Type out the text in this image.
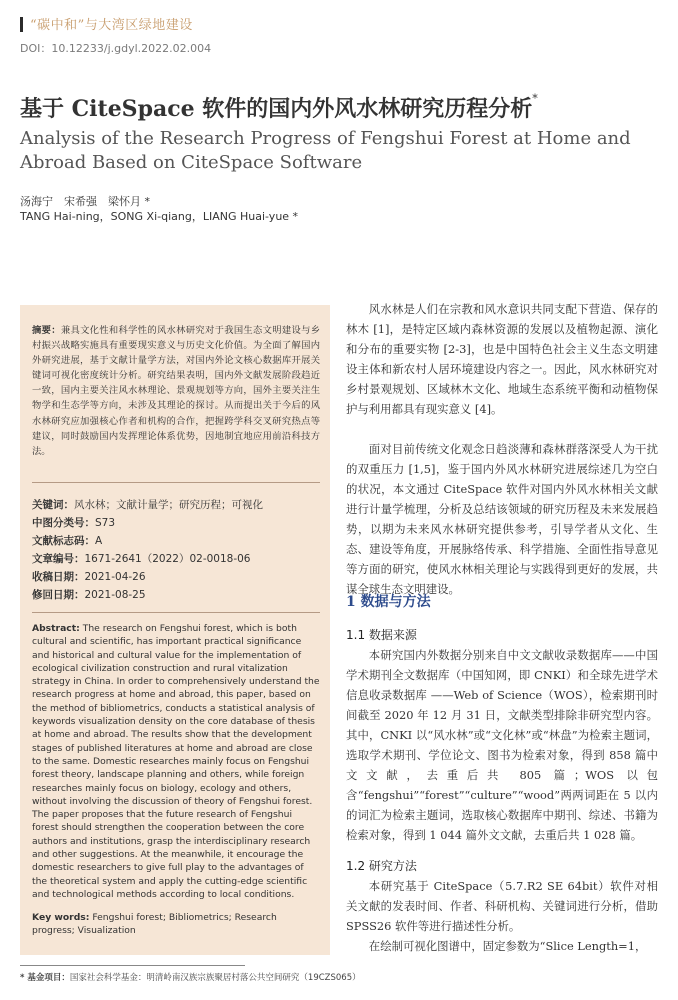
“碳中和”与大湾区绿地建设
DOI：10.12233/j.gdyl.2022.02.004
基于 CiteSpace 软件的国内外风水林研究历程分析*
Analysis of the Research Progress of Fengshui Forest at Home and Abroad Based on CiteSpace Software
汤海宁　宋希强　梁怀月 *
TANG Hai-ning，SONG Xi-qiang，LIANG Huai-yue *
摘要：兼具文化性和科学性的风水林研究对于我国生态文明建设与乡村振兴战略实施具有重要现实意义与历史文化价值。为全面了解国内外研究进展，基于文献计量学方法，对国内外论文核心数据库开展关键词可视化密度统计分析。研究结果表明，国内外文献发展阶段趋近一致，国内主要关注风水林理论、景观规划等方向，国外主要关注生物学和生态学等方向，未涉及其理论的探讨。从而提出关于今后的风水林研究应加强核心作者和机构的合作，把握跨学科交叉研究热点等建议，同时鼓励国内发挥理论体系优势，因地制宜地应用前沿科技方法。
关键词：风水林；文献计量学；研究历程；可视化
中图分类号：S73
文献标志码：A
文章编号：1671-2641（2022）02-0018-06
收稿日期：2021-04-26
修回日期：2021-08-25
Abstract: The research on Fengshui forest, which is both cultural and scientific, has important practical significance and historical and cultural value for the implementation of ecological civilization construction and rural vitalization strategy in China. In order to comprehensively understand the research progress at home and abroad, this paper, based on the method of bibliometrics, conducts a statistical analysis of keywords visualization density on the core database of thesis at home and abroad. The results show that the development stages of published literatures at home and abroad are close to the same. Domestic researches mainly focus on Fengshui forest theory, landscape planning and others, while foreign researches mainly focus on biology, ecology and others, without involving the discussion of theory of Fengshui forest. The paper proposes that the future research of Fengshui forest should strengthen the cooperation between the core authors and institutions, grasp the interdisciplinary research and other suggestions. At the meanwhile, it encourage the domestic researchers to give full play to the advantages of the theoretical system and apply the cutting-edge scientific and technological methods according to local conditions.
Key words: Fengshui forest; Bibliometrics; Research progress; Visualization
* 基金项目：国家社会科学基金：明清岭南汉族宗族聚居村落公共空间研究（19CZS065）
风水林是人们在宗教和风水意识共同支配下营造、保存的林木 [1]，是特定区域内森林资源的发展以及植物起源、演化和分布的重要实物 [2-3]，也是中国特色社会主义生态文明建设主体和新农村人居环境建设内容之一。因此，风水林研究对乡村景观规划、区域林木文化、地域生态系统平衡和动植物保护与利用都具有现实意义 [4]。
面对目前传统文化观念日趋淡薄和森林群落深受人为干扰的双重压力 [1,5]，鉴于国内外风水林研究进展综述几为空白的状况，本文通过 CiteSpace 软件对国内外风水林相关文献进行计量学梳理，分析及总结该领域的研究历程及未来发展趋势，以期为未来风水林研究提供参考，引导学者从文化、生态、建设等角度，开展脉络传承、科学措施、全面性指导意见等方面的研究，使风水林相关理论与实践得到更好的发展，共谋全球生态文明建设。
1 数据与方法
1.1 数据来源
本研究国内外数据分别来自中文文献收录数据库——中国学术期刊全文数据库（中国知网，即 CNKI）和全球先进学术信息收录数据库 ——Web of Science（WOS），检索期刊时间截至 2020 年 12 月 31 日，文献类型排除非研究型内容。其中，CNKI 以“风水林”或“文化林”或“林盘”为检索主题词，选取学术期刊、学位论文、图书为检索对象，得到 858 篇中文文献，去重后共 805 篇；WOS 以包含“fengshui”“forest”“culture”“wood”两两词距在 5 以内的词汇为检索主题词，选取核心数据库中期刊、综述、书籍为检索对象，得到 1 044 篇外文文献，去重后共 1 028 篇。
1.2 研究方法
本研究基于 CiteSpace（5.7.R2 SE 64bit）软件对相关文献的发表时间、作者、科研机构、关键词进行分析，借助 SPSS26 软件等进行描述性分析。
在绘制可视化图谱中，固定参数为“Slice Length=1，
